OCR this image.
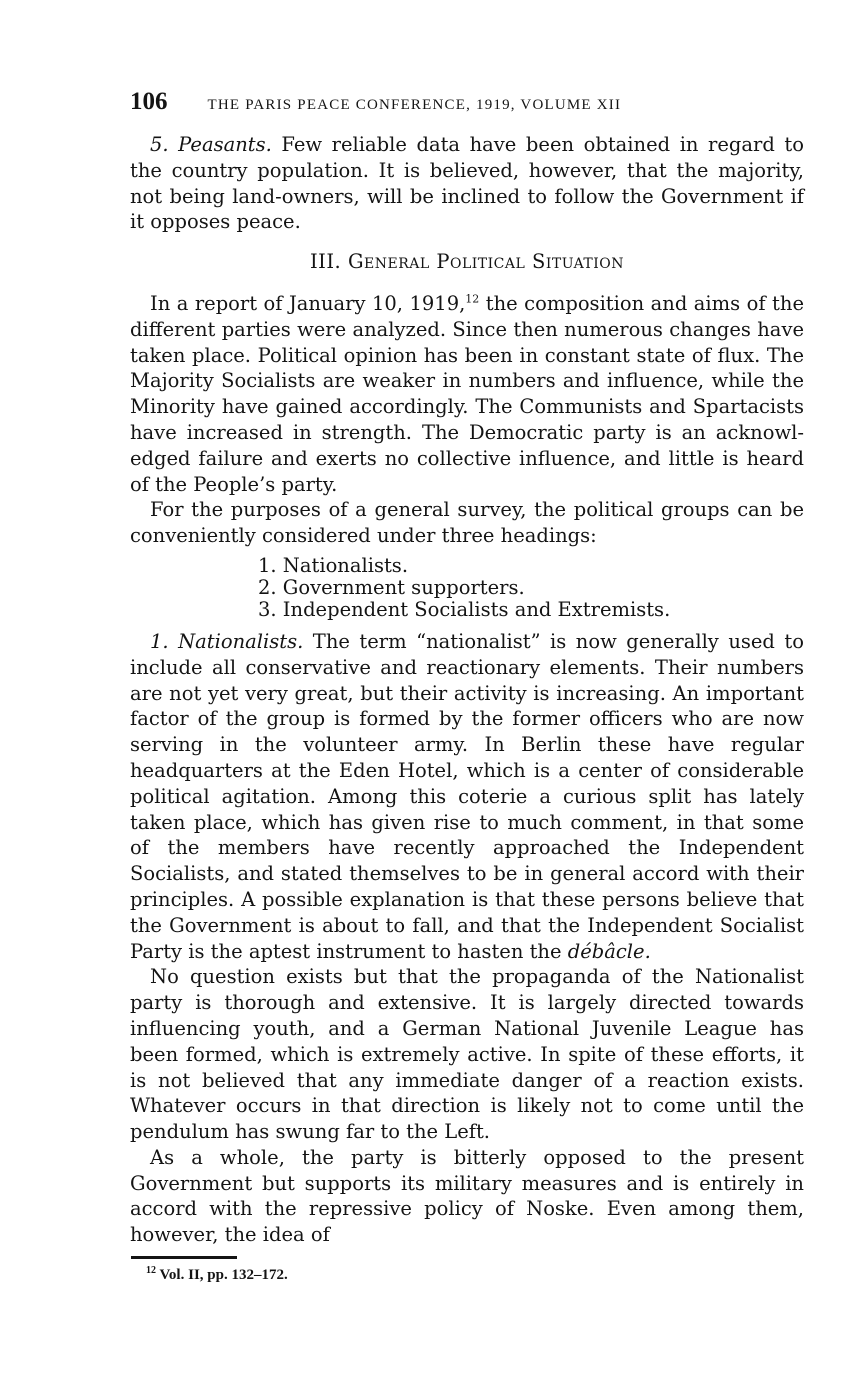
106	THE PARIS PEACE CONFERENCE, 1919, VOLUME XII

5. Peasants. Few reliable data have been obtained in regard to the country population. It is believed, however, that the majority, not being land-owners, will be inclined to follow the Government if it opposes peace.

III. General Political Situation

In a report of January 10, 1919,12 the composition and aims of the different parties were analyzed. Since then numerous changes have taken place. Political opinion has been in constant state of flux. The Majority Socialists are weaker in numbers and influence, while the Minority have gained accordingly. The Communists and Spartacists have increased in strength. The Democratic party is an acknowledged failure and exerts no collective influence, and little is heard of the People’s party.

For the purposes of a general survey, the political groups can be conveniently considered under three headings:

1. Nationalists.
2. Government supporters.
3. Independent Socialists and Extremists.

1. Nationalists. The term “nationalist” is now generally used to include all conservative and reactionary elements. Their numbers are not yet very great, but their activity is increasing. An important factor of the group is formed by the former officers who are now serving in the volunteer army. In Berlin these have regular headquarters at the Eden Hotel, which is a center of considerable political agitation. Among this coterie a curious split has lately taken place, which has given rise to much comment, in that some of the members have recently approached the Independent Socialists, and stated themselves to be in general accord with their principles. A possible explanation is that these persons believe that the Government is about to fall, and that the Independent Socialist Party is the aptest instrument to hasten the débâcle.

No question exists but that the propaganda of the Nationalist party is thorough and extensive. It is largely directed towards influencing youth, and a German National Juvenile League has been formed, which is extremely active. In spite of these efforts, it is not believed that any immediate danger of a reaction exists. Whatever occurs in that direction is likely not to come until the pendulum has swung far to the Left.

As a whole, the party is bitterly opposed to the present Government but supports its military measures and is entirely in accord with the repressive policy of Noske. Even among them, however, the idea of

$^{12}$ Vol. II, pp. 132–172.
